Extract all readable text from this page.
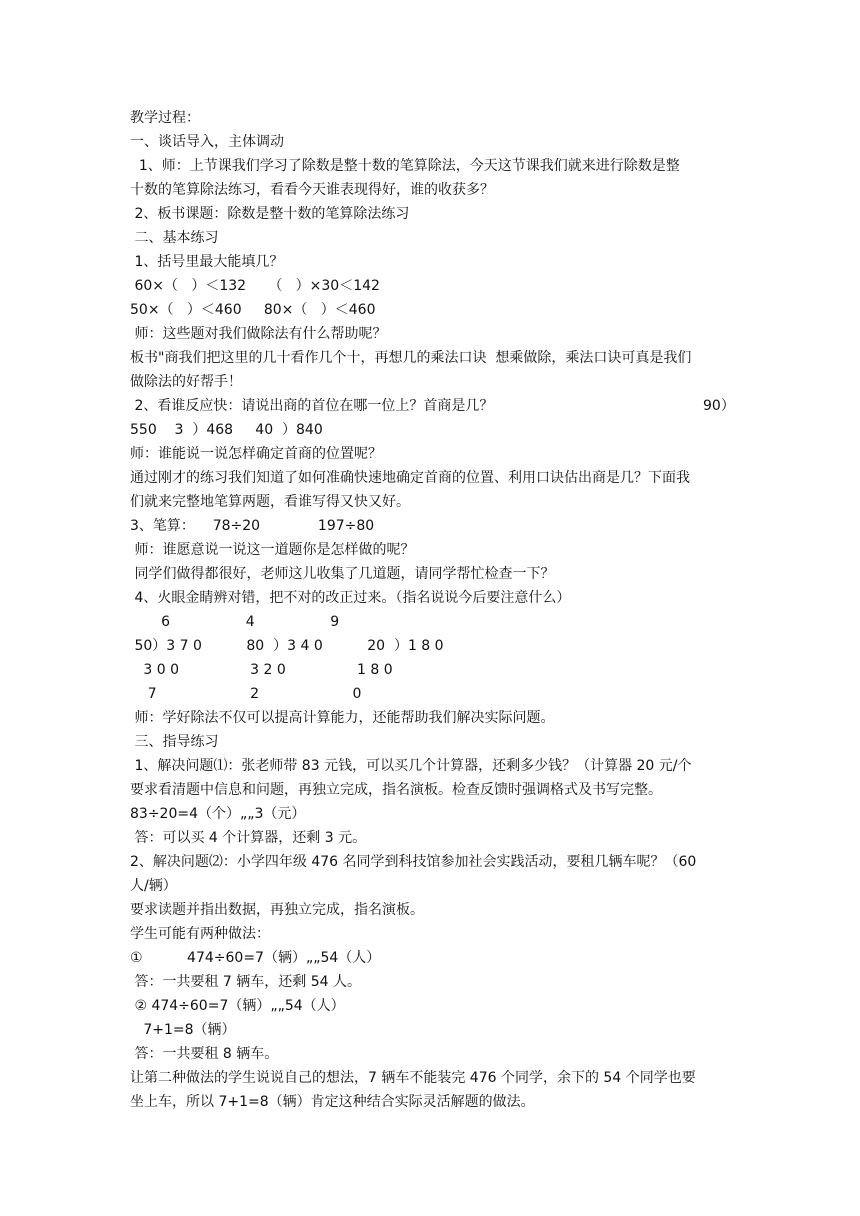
教学过程：
一、谈话导入，主体调动
1、师：上节课我们学习了除数是整十数的笔算除法，今天这节课我们就来进行除数是整
十数的笔算除法练习，看看今天谁表现得好，谁的收获多？
2、板书课题：除数是整十数的笔算除法练习
二、基本练习
1、括号里最大能填几？
60×（   ）＜132     （   ）×30＜142
50×（   ）＜460     80×（   ）＜460
师：这些题对我们做除法有什么帮助呢？
板书"商我们把这里的几十看作几个十，再想几的乘法口诀  想乘做除，乘法口诀可真是我们
做除法的好帮手！
2、看谁反应快：请说出商的首位在哪一位上？首商是几？	90）
550    3  ）468     40  ）840
师：谁能说一说怎样确定首商的位置呢？
通过刚才的练习我们知道了如何准确快速地确定首商的位置、利用口诀估出商是几？下面我
们就来完整地笔算两题，看谁写得又快又好。
3、笔算：    78÷20             197÷80
师：谁愿意说一说这一道题你是怎样做的呢？
同学们做得都很好，老师这儿收集了几道题，请同学帮忙检查一下？
4、火眼金睛辨对错，把不对的改正过来。（指名说说今后要注意什么）
6                 4                 9
50）3 7 0          80  ）3 4 0          20  ）1 8 0
3 0 0                3 2 0                1 8 0
7                     2                     0
师：学好除法不仅可以提高计算能力，还能帮助我们解决实际问题。
三、指导练习
1、解决问题⑴：张老师带 83 元钱，可以买几个计算器，还剩多少钱？（计算器 20 元/个
要求看清题中信息和问题，再独立完成，指名演板。检查反馈时强调格式及书写完整。
83÷20=4（个）„„3（元）
答：可以买 4 个计算器，还剩 3 元。
2、解决问题⑵：小学四年级 476 名同学到科技馆参加社会实践活动，要租几辆车呢？（60
人/辆）
要求读题并指出数据，再独立完成，指名演板。
学生可能有两种做法：
①          474÷60=7（辆）„„54（人）
答：一共要租 7 辆车，还剩 54 人。
② 474÷60=7（辆）„„54（人）
7+1=8（辆）
答：一共要租 8 辆车。
让第二种做法的学生说说自己的想法，7 辆车不能装完 476 个同学，余下的 54 个同学也要
坐上车，所以 7+1=8（辆）肯定这种结合实际灵活解题的做法。
